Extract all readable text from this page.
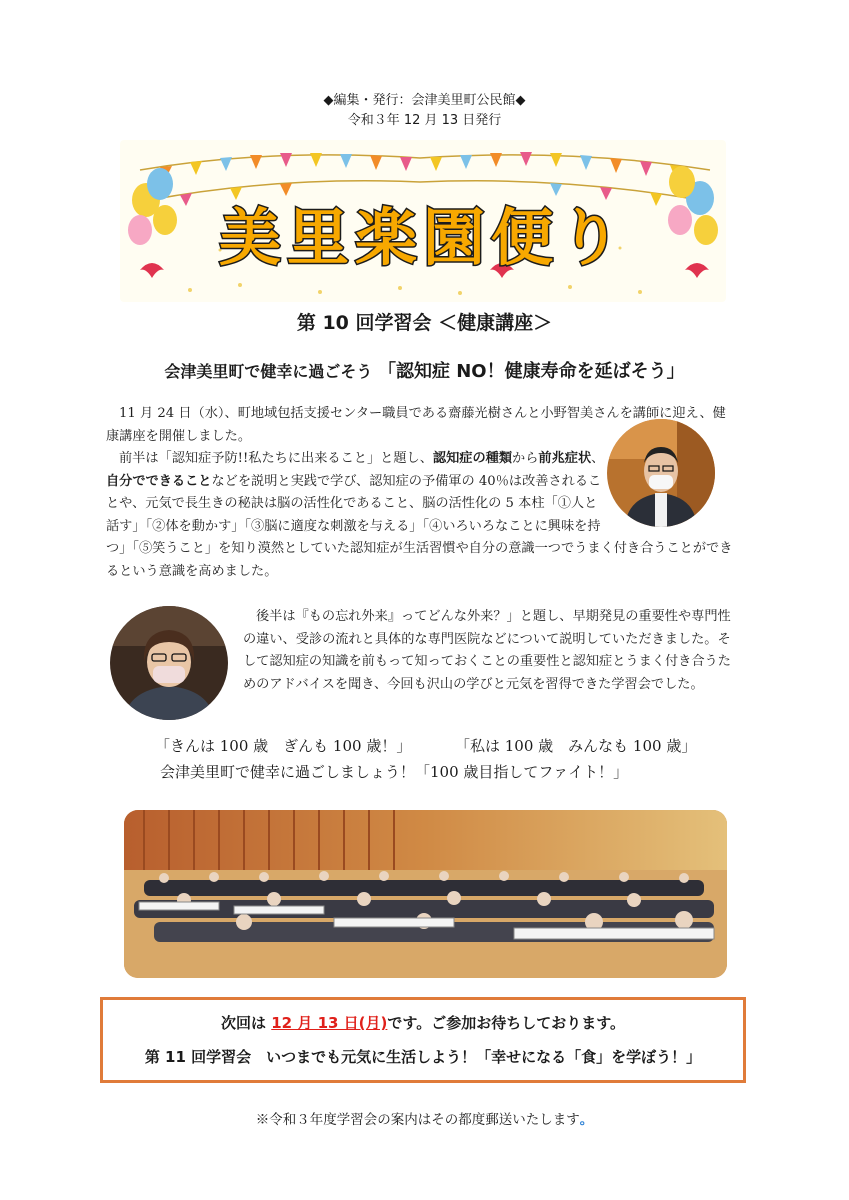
◆編集・発行：会津美里町公民館◆
令和３年 12 月 13 日発行
美里楽園便り
第 10 回学習会 ＜健康講座＞
会津美里町で健幸に過ごそう 「認知症 NO！健康寿命を延ばそう」
11 月 24 日（水）、町地域包括支援センター職員である齋藤光樹さんと小野智美さんを講師に迎え、健康講座を開催しました。
前半は「認知症予防!!私たちに出来ること」と題し、認知症の種類から前兆症状、自分でできることなどを説明と実践で学び、認知症の予備軍の 40％は改善されることや、元気で長生きの秘訣は脳の活性化であること、脳の活性化の 5 本柱「①人と話す」「②体を動かす」「③脳に適度な刺激を与える」「④いろいろなことに興味を持つ」「⑤笑うこと」を知り漠然としていた認知症が生活習慣や自分の意識一つでうまく付き合うことができるという意識を高めました。
後半は『もの忘れ外来』ってどんな外来？」と題し、早期発見の重要性や専門性の違い、受診の流れと具体的な専門医院などについて説明していただきました。そして認知症の知識を前もって知っておくことの重要性と認知症とうまく付き合うためのアドバイスを聞き、今回も沢山の学びと元気を習得できた学習会でした。
「きんは 100 歳　ぎんも 100 歳！」	「私は 100 歳　みんなも 100 歳」
会津美里町で健幸に過ごしましょう！「100 歳目指してファイト！」
次回は 12 月 13 日(月)です。ご参加お待ちしております。
第 11 回学習会　いつまでも元気に生活しよう！「幸せになる「食」を学ぼう！」
※令和３年度学習会の案内はその都度郵送いたします。
